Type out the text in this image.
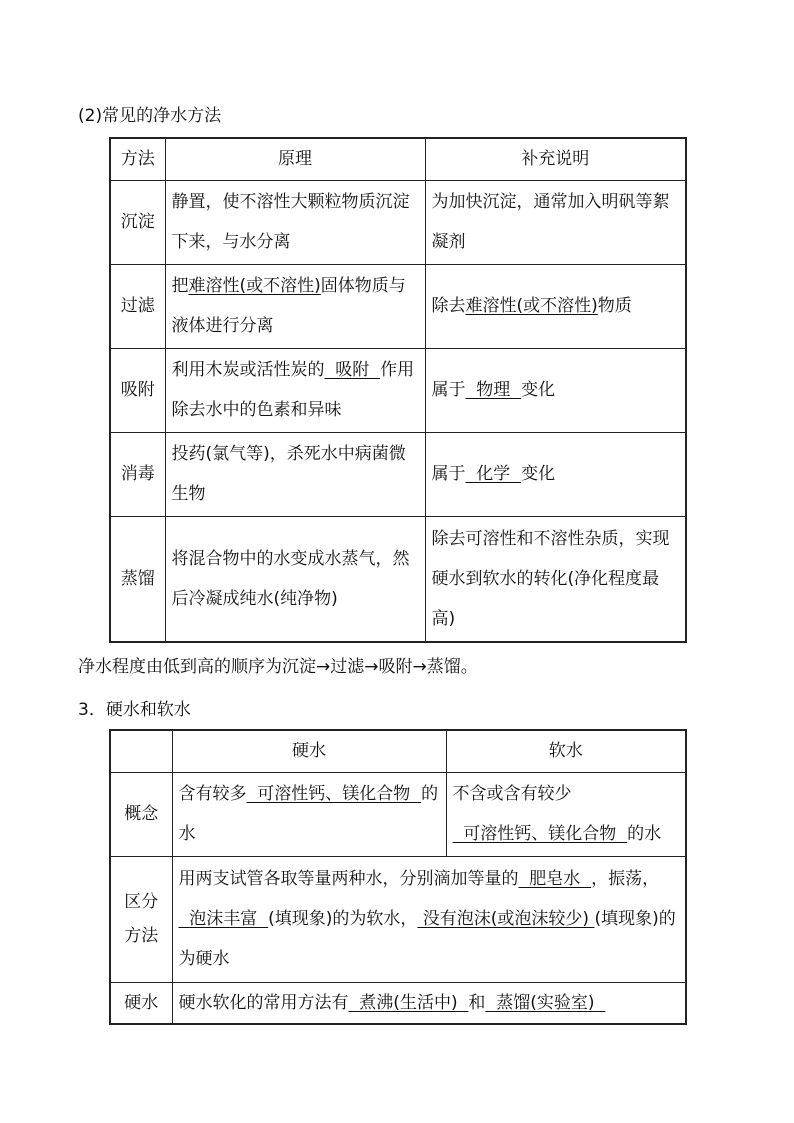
(2)常见的净水方法
方法	原理	补充说明
沉淀	静置，使不溶性大颗粒物质沉淀下来，与水分离	为加快沉淀，通常加入明矾等絮凝剂
过滤	把难溶性(或不溶性)固体物质与液体进行分离	除去难溶性(或不溶性)物质
吸附	利用木炭或活性炭的  吸附  作用除去水中的色素和异味	属于  物理  变化
消毒	投药(氯气等)，杀死水中病菌微生物	属于  化学  变化
蒸馏	将混合物中的水变成水蒸气，然后冷凝成纯水(纯净物)	除去可溶性和不溶性杂质，实现硬水到软水的转化(净化程度最高)
净水程度由低到高的顺序为沉淀→过滤→吸附→蒸馏。
3．硬水和软水
	硬水	软水
概念	含有较多  可溶性钙、镁化合物  的水	不含或含有较少  可溶性钙、镁化合物  的水
区分方法	用两支试管各取等量两种水，分别滴加等量的  肥皂水  ，振荡，  泡沫丰富  (填现象)的为软水， 没有泡沫(或泡沫较少) (填现象)的为硬水	
硬水	硬水软化的常用方法有  煮沸(生活中)  和  蒸馏(实验室)	
